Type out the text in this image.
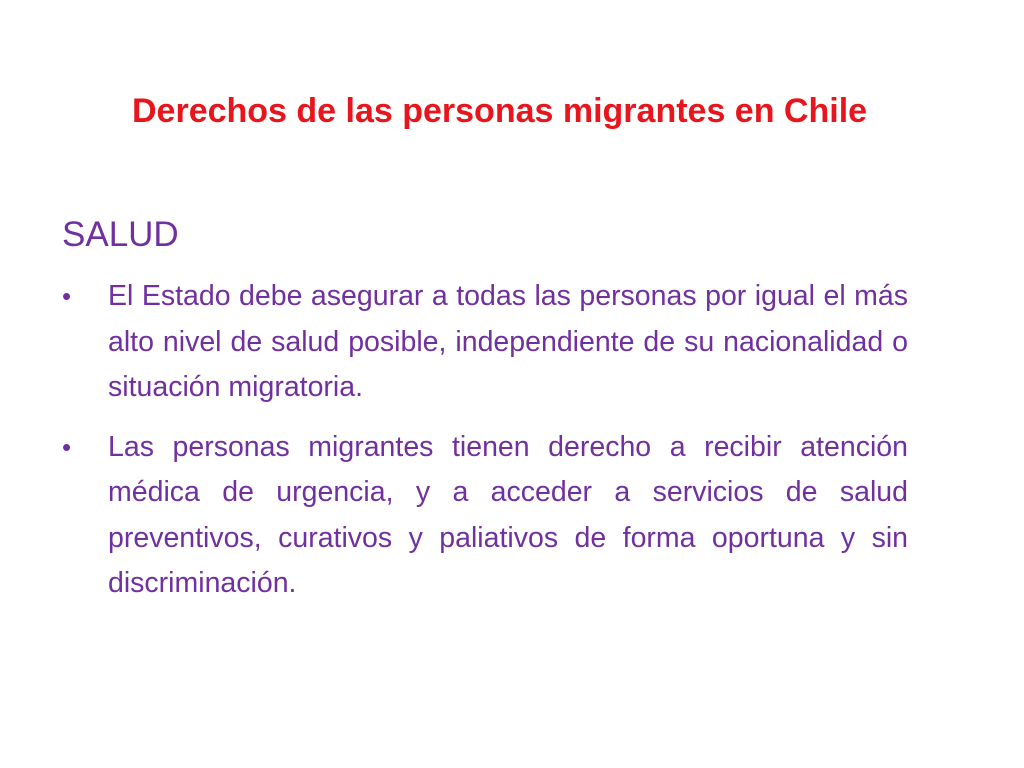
Derechos de las personas migrantes en Chile
SALUD
• El Estado debe asegurar a todas las personas por igual el más alto nivel de salud posible, independiente de su nacionalidad o situación migratoria.
• Las personas migrantes tienen derecho a recibir atención médica de urgencia, y a acceder a servicios de salud preventivos, curativos y paliativos de forma oportuna y sin discriminación.
